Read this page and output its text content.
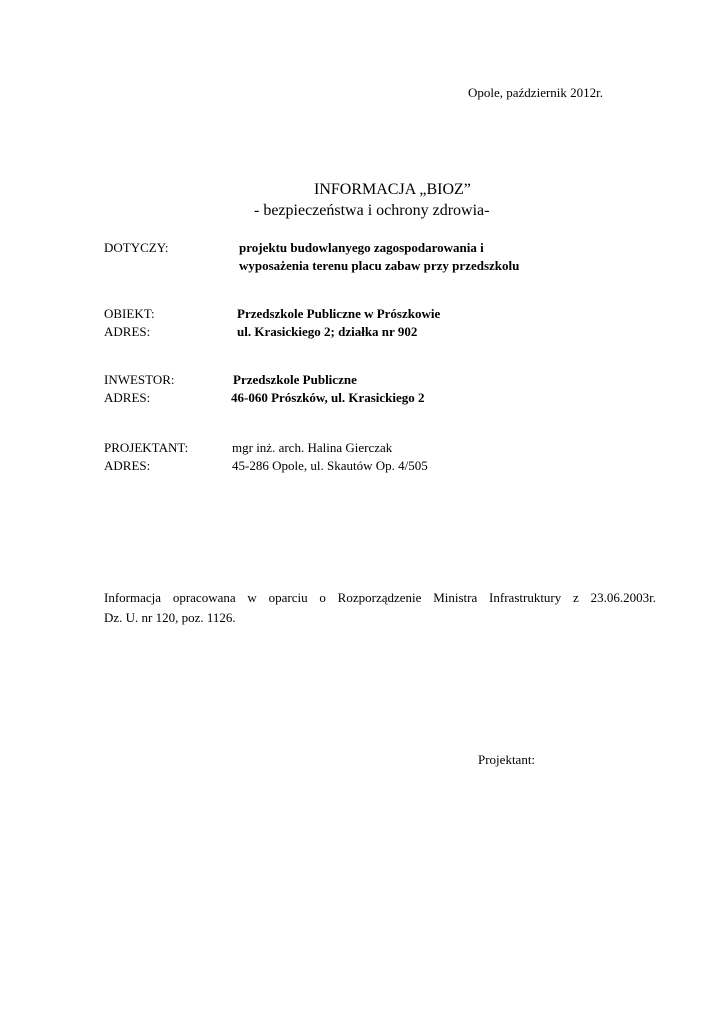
Opole, październik 2012r.
INFORMACJA „BIOZ”
- bezpieczeństwa i ochrony zdrowia-
DOTYCZY:	projektu budowlanyego zagospodarowania i
wyposażenia terenu placu zabaw przy przedszkolu
OBIEKT:	Przedszkole Publiczne w Prószkowie
ADRES:	ul. Krasickiego 2; działka nr 902
INWESTOR:	Przedszkole Publiczne
ADRES:	46-060 Prószków, ul. Krasickiego 2
PROJEKTANT:	mgr inż. arch. Halina Gierczak
ADRES:	45-286 Opole, ul. Skautów Op. 4/505
Informacja opracowana w oparciu o Rozporządzenie Ministra Infrastruktury z 23.06.2003r.
Dz. U. nr 120, poz. 1126.
Projektant:
